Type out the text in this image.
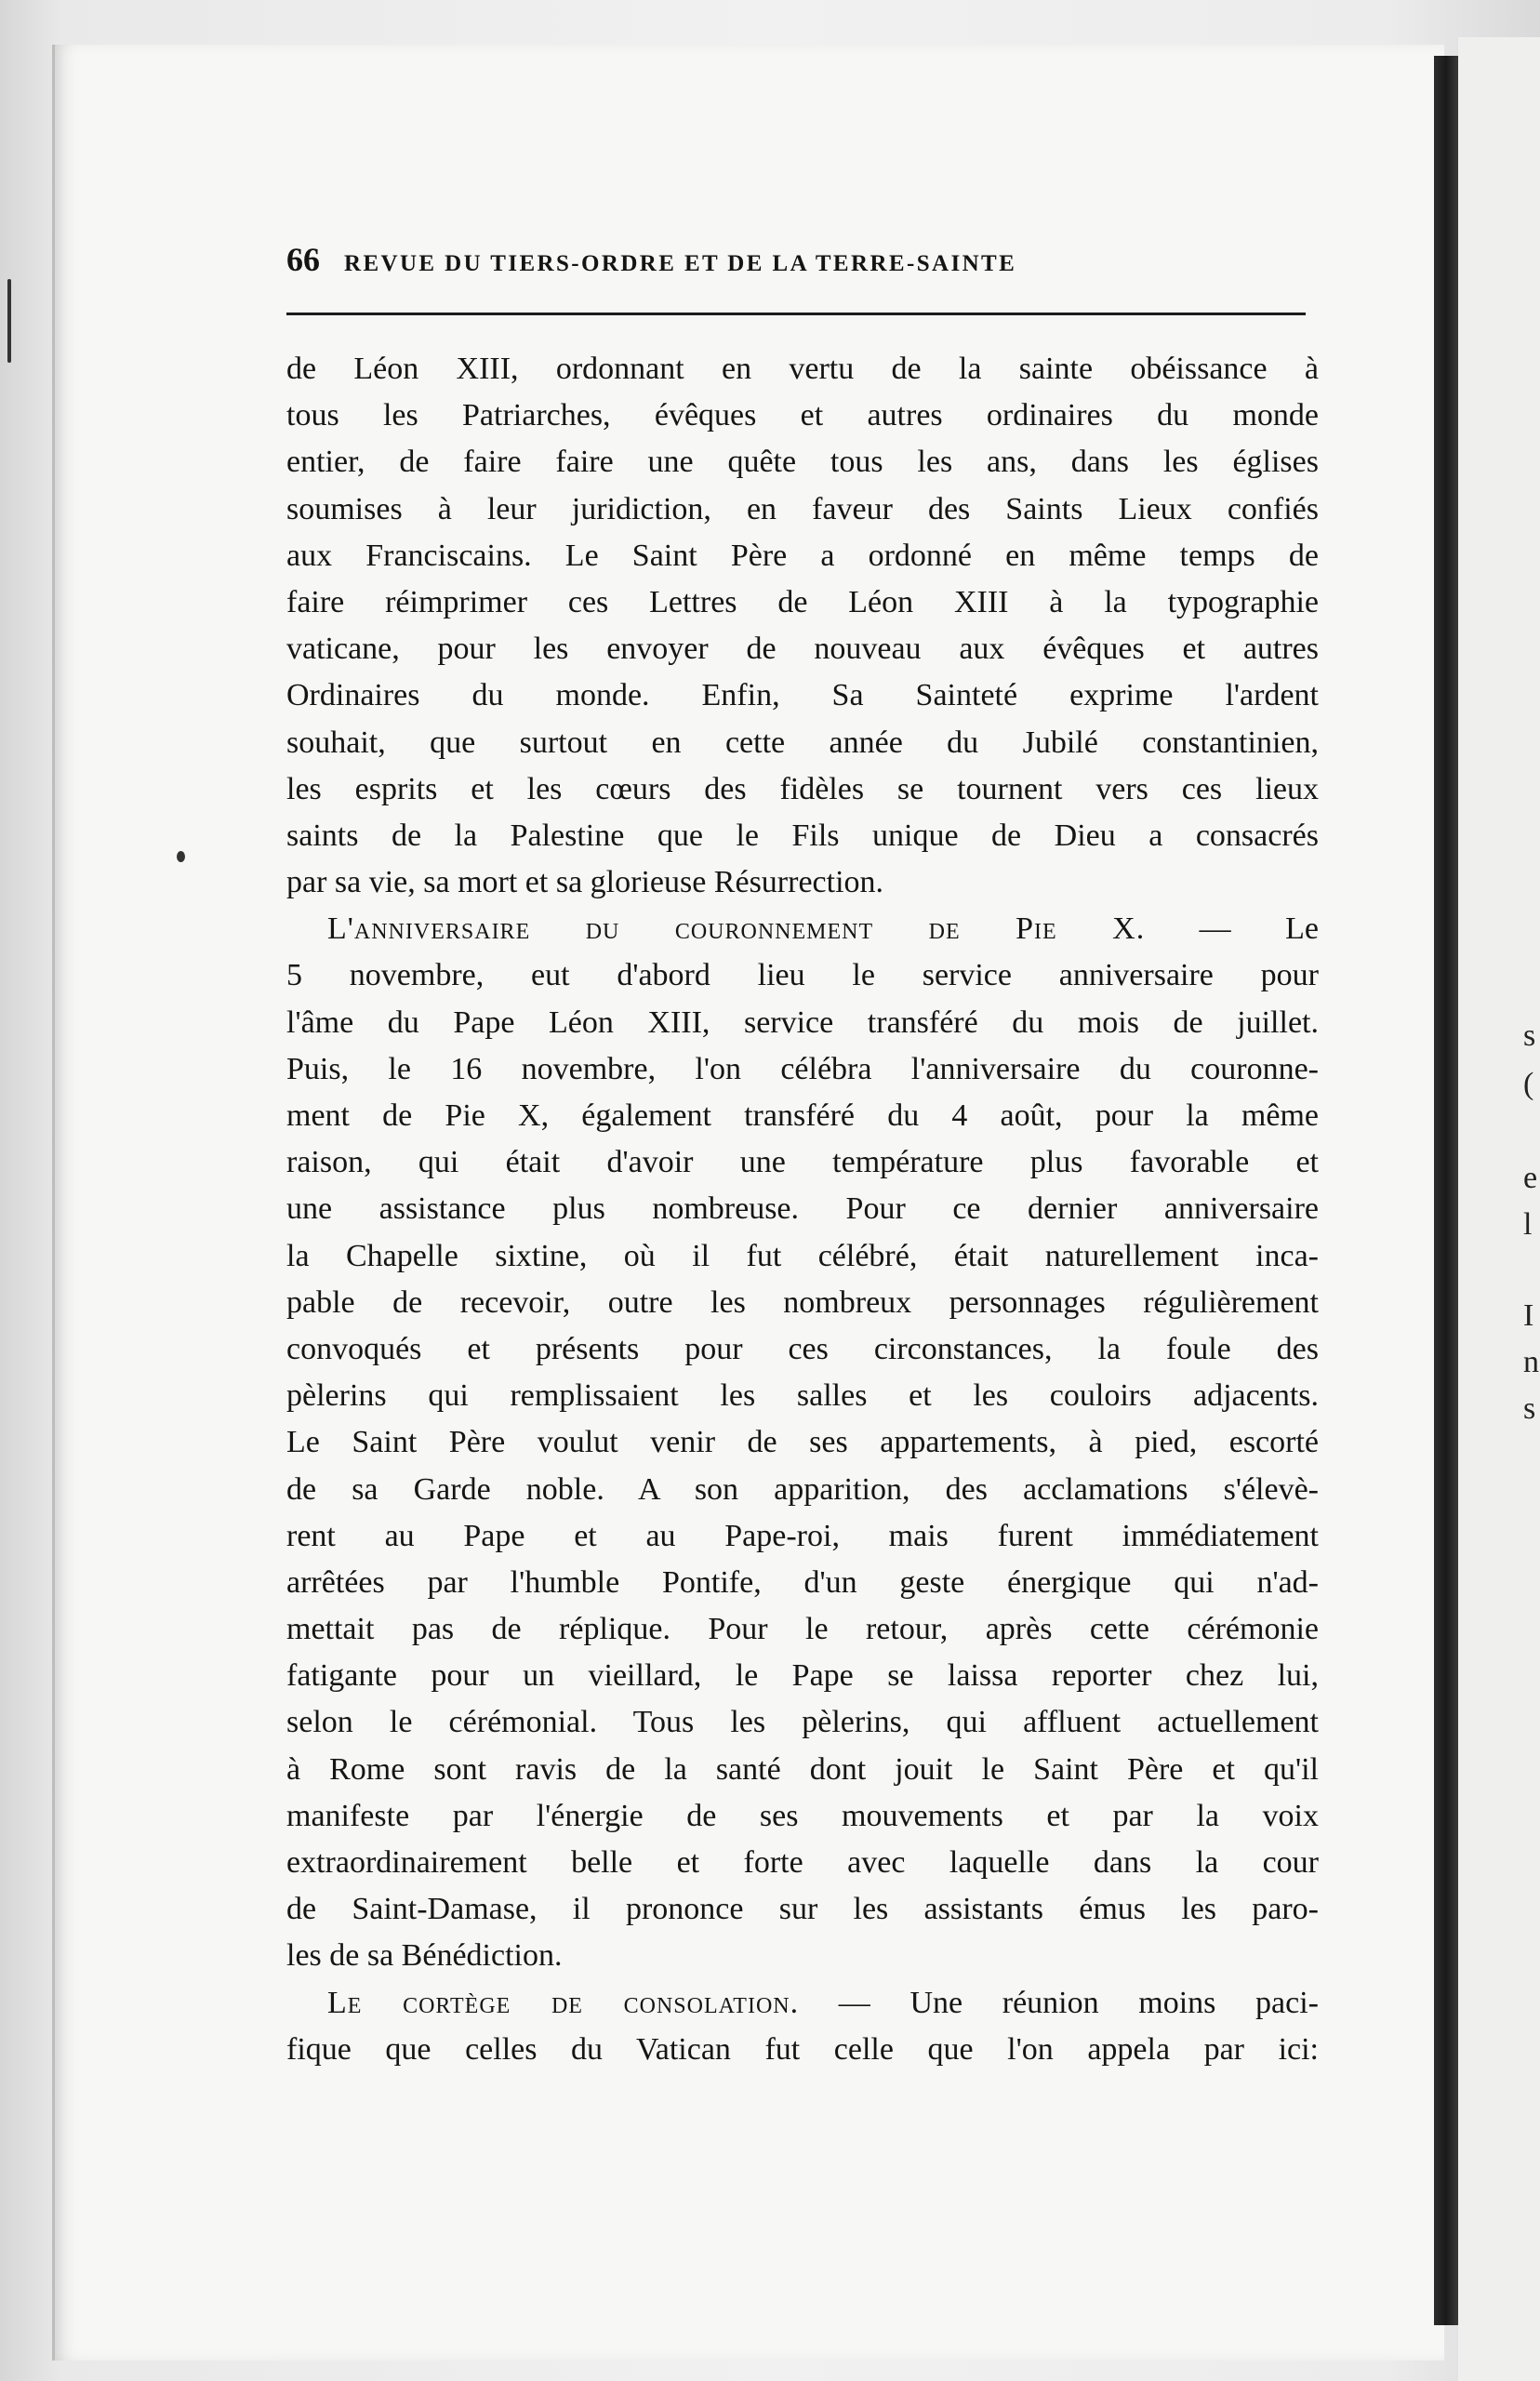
s
(
e
l
I
n
s
66 REVUE DU TIERS-ORDRE ET DE LA TERRE-SAINTE
de Léon XIII, ordonnant en vertu de la sainte obéissance à
tous les Patriarches, évêques et autres ordinaires du monde
entier, de faire faire une quête tous les ans, dans les églises
soumises à leur juridiction, en faveur des Saints Lieux confiés
aux Franciscains. Le Saint Père a ordonné en même temps de
faire réimprimer ces Lettres de Léon XIII à la typographie
vaticane, pour les envoyer de nouveau aux évêques et autres
Ordinaires du monde. Enfin, Sa Sainteté exprime l'ardent
souhait, que surtout en cette année du Jubilé constantinien,
les esprits et les cœurs des fidèles se tournent vers ces lieux
saints de la Palestine que le Fils unique de Dieu a consacrés
par sa vie, sa mort et sa glorieuse Résurrection.
L'anniversaire du couronnement de Pie X. — Le
5 novembre, eut d'abord lieu le service anniversaire pour
l'âme du Pape Léon XIII, service transféré du mois de juillet.
Puis, le 16 novembre, l'on célébra l'anniversaire du couronne-
ment de Pie X, également transféré du 4 août, pour la même
raison, qui était d'avoir une température plus favorable et
une assistance plus nombreuse. Pour ce dernier anniversaire
la Chapelle sixtine, où il fut célébré, était naturellement inca-
pable de recevoir, outre les nombreux personnages régulièrement
convoqués et présents pour ces circonstances, la foule des
pèlerins qui remplissaient les salles et les couloirs adjacents.
Le Saint Père voulut venir de ses appartements, à pied, escorté
de sa Garde noble. A son apparition, des acclamations s'élevè-
rent au Pape et au Pape-roi, mais furent immédiatement
arrêtées par l'humble Pontife, d'un geste énergique qui n'ad-
mettait pas de réplique. Pour le retour, après cette cérémonie
fatigante pour un vieillard, le Pape se laissa reporter chez lui,
selon le cérémonial. Tous les pèlerins, qui affluent actuellement
à Rome sont ravis de la santé dont jouit le Saint Père et qu'il
manifeste par l'énergie de ses mouvements et par la voix
extraordinairement belle et forte avec laquelle dans la cour
de Saint-Damase, il prononce sur les assistants émus les paro-
les de sa Bénédiction.
Le cortège de consolation. — Une réunion moins paci-
fique que celles du Vatican fut celle que l'on appela par ici:
